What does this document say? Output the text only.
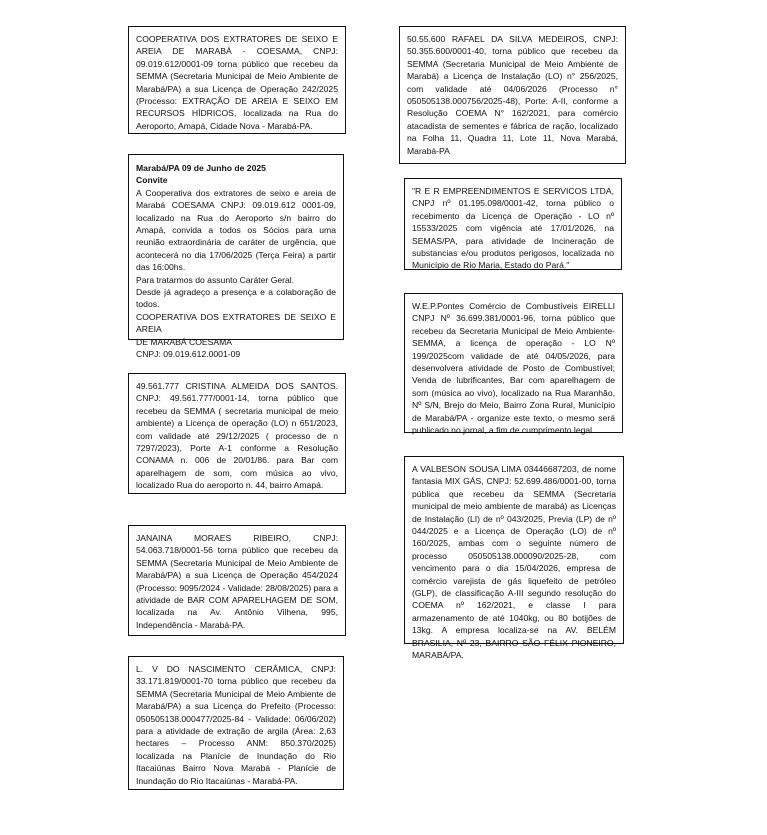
COOPERATIVA DOS EXTRATORES DE SEIXO E AREIA DE MARABÁ - COESAMA, CNPJ: 09.019.612/0001-09 torna público que recebeu da SEMMA (Secretaria Municipal de Meio Ambiente de Marabá/PA) a sua Licença de Operação 242/2025 (Processo: EXTRAÇÃO DE AREIA E SEIXO EM RECURSOS HÍDRICOS, localizada na Rua do Aeroporto, Amapá, Cidade Nova - Marabá-PA.

Marabá/PA 09 de Junho de 2025

Convite

A Cooperativa dos extratores de seixo e areia de Marabá COESAMA CNPJ: 09.019.612 0001-09, localizado na Rua do Aeroporto s/n bairro do Amapá, convida a todos os Sócios para uma reunião extraordinária de caráter de urgência, que acontecerá no dia 17/06/2025 (Terça Feira) a partir das 16:00hs.

Para tratarmos do assunto Caráter Geral.

Desde já agradeço a presença e a colaboração de todos.

COOPERATIVA DOS EXTRATORES DE SEIXO E AREIA

DE MARABÁ COESAMA

CNPJ: 09.019.612.0001-09

49.561.777 CRISTINA ALMEIDA DOS SANTOS. CNPJ: 49.561.777/0001-14, torna público que recebeu da SEMMA ( secretaria municipal de meio ambiente) a Licença de operação (LO) n 651/2023, com validade até 29/12/2025 ( processo de n 7297/2023), Porte A-1 conforme a Resolução CONAMA n. 006 de 20/01/86. para Bar com aparelhagem de som, com música ao vivo, localizado Rua do aeroporto n. 44, bairro Amapá.

JANAINA MORAES RIBEIRO, CNPJ: 54.063.718/0001-56 torna público que recebeu da SEMMA (Secretaria Municipal de Meio Ambiente de Marabá/PA) a sua Licença de Operação 454/2024 (Processo: 9095/2024 - Validade: 28/08/2025) para a atividade de BAR COM APARELHAGEM DE SOM, localizada na Av. Antônio Vilhena, 995, Independência - Marabá-PA.

L. V DO NASCIMENTO CERÂMICA, CNPJ: 33.171.819/0001-70 torna público que recebeu da SEMMA (Secretaria Municipal de Meio Ambiente de Marabá/PA) a sua Licença do Prefeito (Processo: 050505138.000477/2025-84 - Validade: 06/06/202) para a atividade de extração de argila (Área: 2,63 hectares – Processo ANM: 850.370/2025) localizada na Planície de Inundação do Rio Itacaiúnas Bairro Nova Marabá - Planície de Inundação do Rio Itacaiúnas - Marabá-PA.

50.55.600 RAFAEL DA SILVA MEDEIROS, CNPJ: 50.355.600/0001-40, torna público que recebeu da SEMMA (Secretaria Municipal de Meio Ambiente de Marabá) a Licença de Instalação (LO) n° 256/2025, com validade até 04/06/2026 (Processo n° 050505138.000756/2025-48), Porte: A-II, conforme a Resolução COEMA N° 162/2021, para comércio atacadista de sementes e fábrica de ração, localizado na Folha 11, Quadra 11, Lote 11, Nova Marabá, Marabá-PA

"R E R EMPREENDIMENTOS E SERVICOS LTDA, CNPJ nº 01.195.098/0001-42, torna público o recebimento da Licença de Operação - LO nº 15533/2025 com vigência até 17/01/2026, na SEMAS/PA, para atividade de Incineração de substancias e/ou produtos perigosos, localizada no Município de Rio Maria, Estado do Pará."

W.E.P.Pontes Comércio de Combustíveis EIRELLI CNPJ Nº 36.699.381/0001-96, torna público que recebeu da Secretaria Municipal de Meio Ambiente-SEMMA, a licença de operação - LO Nº 199/2025com validade de até 04/05/2026, para desenvolvera atividade de Posto de Combustível; Venda de lubrificantes, Bar com aparelhagem de som (música ao vivo), localizado na Rua Maranhão, Nº S/N, Brejo do Meio, Bairro Zona Rural, Município de Marabá/PA - organize este texto, o mesmo será publicado no jornal, a fim de cumprimento legal.

A VALBESON SOUSA LIMA 03446687203, de nome fantasia MIX GÁS, CNPJ: 52.699.486/0001-00, torna pública que recebeu da SEMMA (Secretaria municipal de meio ambiente de marabá) as Licenças de Instalação (LI) de nº 043/2025, Previa (LP) de nº 044/2025 e a Licença de Operação (LO) de nº 160/2025, ambas com o seguinte número de processo 050505138.000090/2025-28, com vencimento para o dia 15/04/2026, empresa de comércio varejista de gás liquefeito de petróleo (GLP), de classificação A-III segundo resolução do COEMA nº 162/2021, e classe I para armazenamento de até 1040kg, ou 80 botijões de 13kg. A empresa localiza-se na AV. BELÉM BRASILIA, Nº 23, BAIRRO SÃO FÉLIX PIONEIRO, MARABÁ/PA.
